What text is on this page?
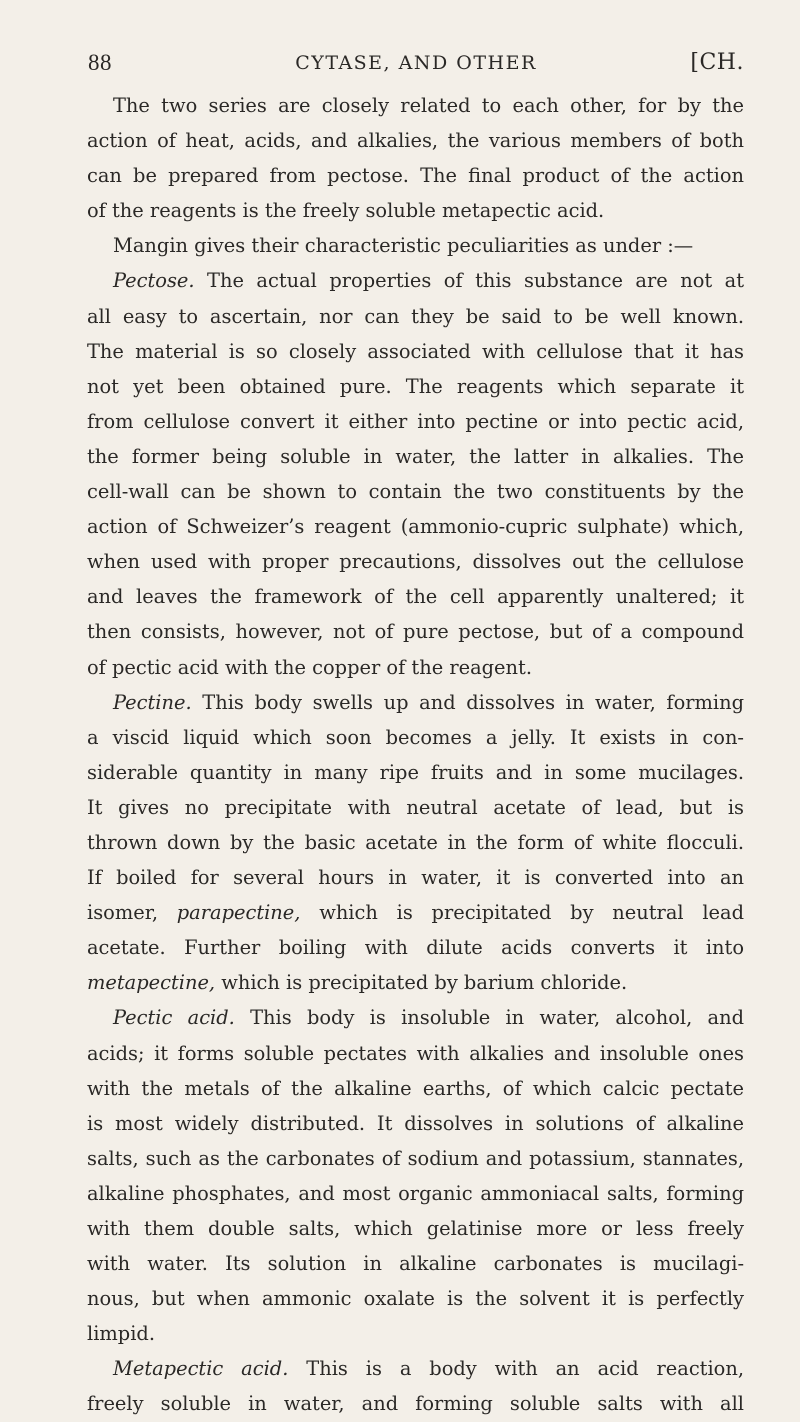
88	CYTASE, AND OTHER	[CH.
The two series are closely related to each other, for by the
action of heat, acids, and alkalies, the various members of both
can be prepared from pectose. The final product of the action
of the reagents is the freely soluble metapectic acid.
Mangin gives their characteristic peculiarities as under :—
Pectose. The actual properties of this substance are not at
all easy to ascertain, nor can they be said to be well known.
The material is so closely associated with cellulose that it has
not yet been obtained pure. The reagents which separate it
from cellulose convert it either into pectine or into pectic acid,
the former being soluble in water, the latter in alkalies. The
cell-wall can be shown to contain the two constituents by the
action of Schweizer’s reagent (ammonio-cupric sulphate) which,
when used with proper precautions, dissolves out the cellulose
and leaves the framework of the cell apparently unaltered; it
then consists, however, not of pure pectose, but of a compound
of pectic acid with the copper of the reagent.
Pectine. This body swells up and dissolves in water, forming
a viscid liquid which soon becomes a jelly. It exists in con-
siderable quantity in many ripe fruits and in some mucilages.
It gives no precipitate with neutral acetate of lead, but is
thrown down by the basic acetate in the form of white flocculi.
If boiled for several hours in water, it is converted into an
isomer, parapectine, which is precipitated by neutral lead
acetate. Further boiling with dilute acids converts it into
metapectine, which is precipitated by barium chloride.
Pectic acid. This body is insoluble in water, alcohol, and
acids; it forms soluble pectates with alkalies and insoluble ones
with the metals of the alkaline earths, of which calcic pectate
is most widely distributed. It dissolves in solutions of alkaline
salts, such as the carbonates of sodium and potassium, stannates,
alkaline phosphates, and most organic ammoniacal salts, forming
with them double salts, which gelatinise more or less freely
with water. Its solution in alkaline carbonates is mucilagi-
nous, but when ammonic oxalate is the solvent it is perfectly
limpid.
Metapectic acid. This is a body with an acid reaction,
freely soluble in water, and forming soluble salts with all
